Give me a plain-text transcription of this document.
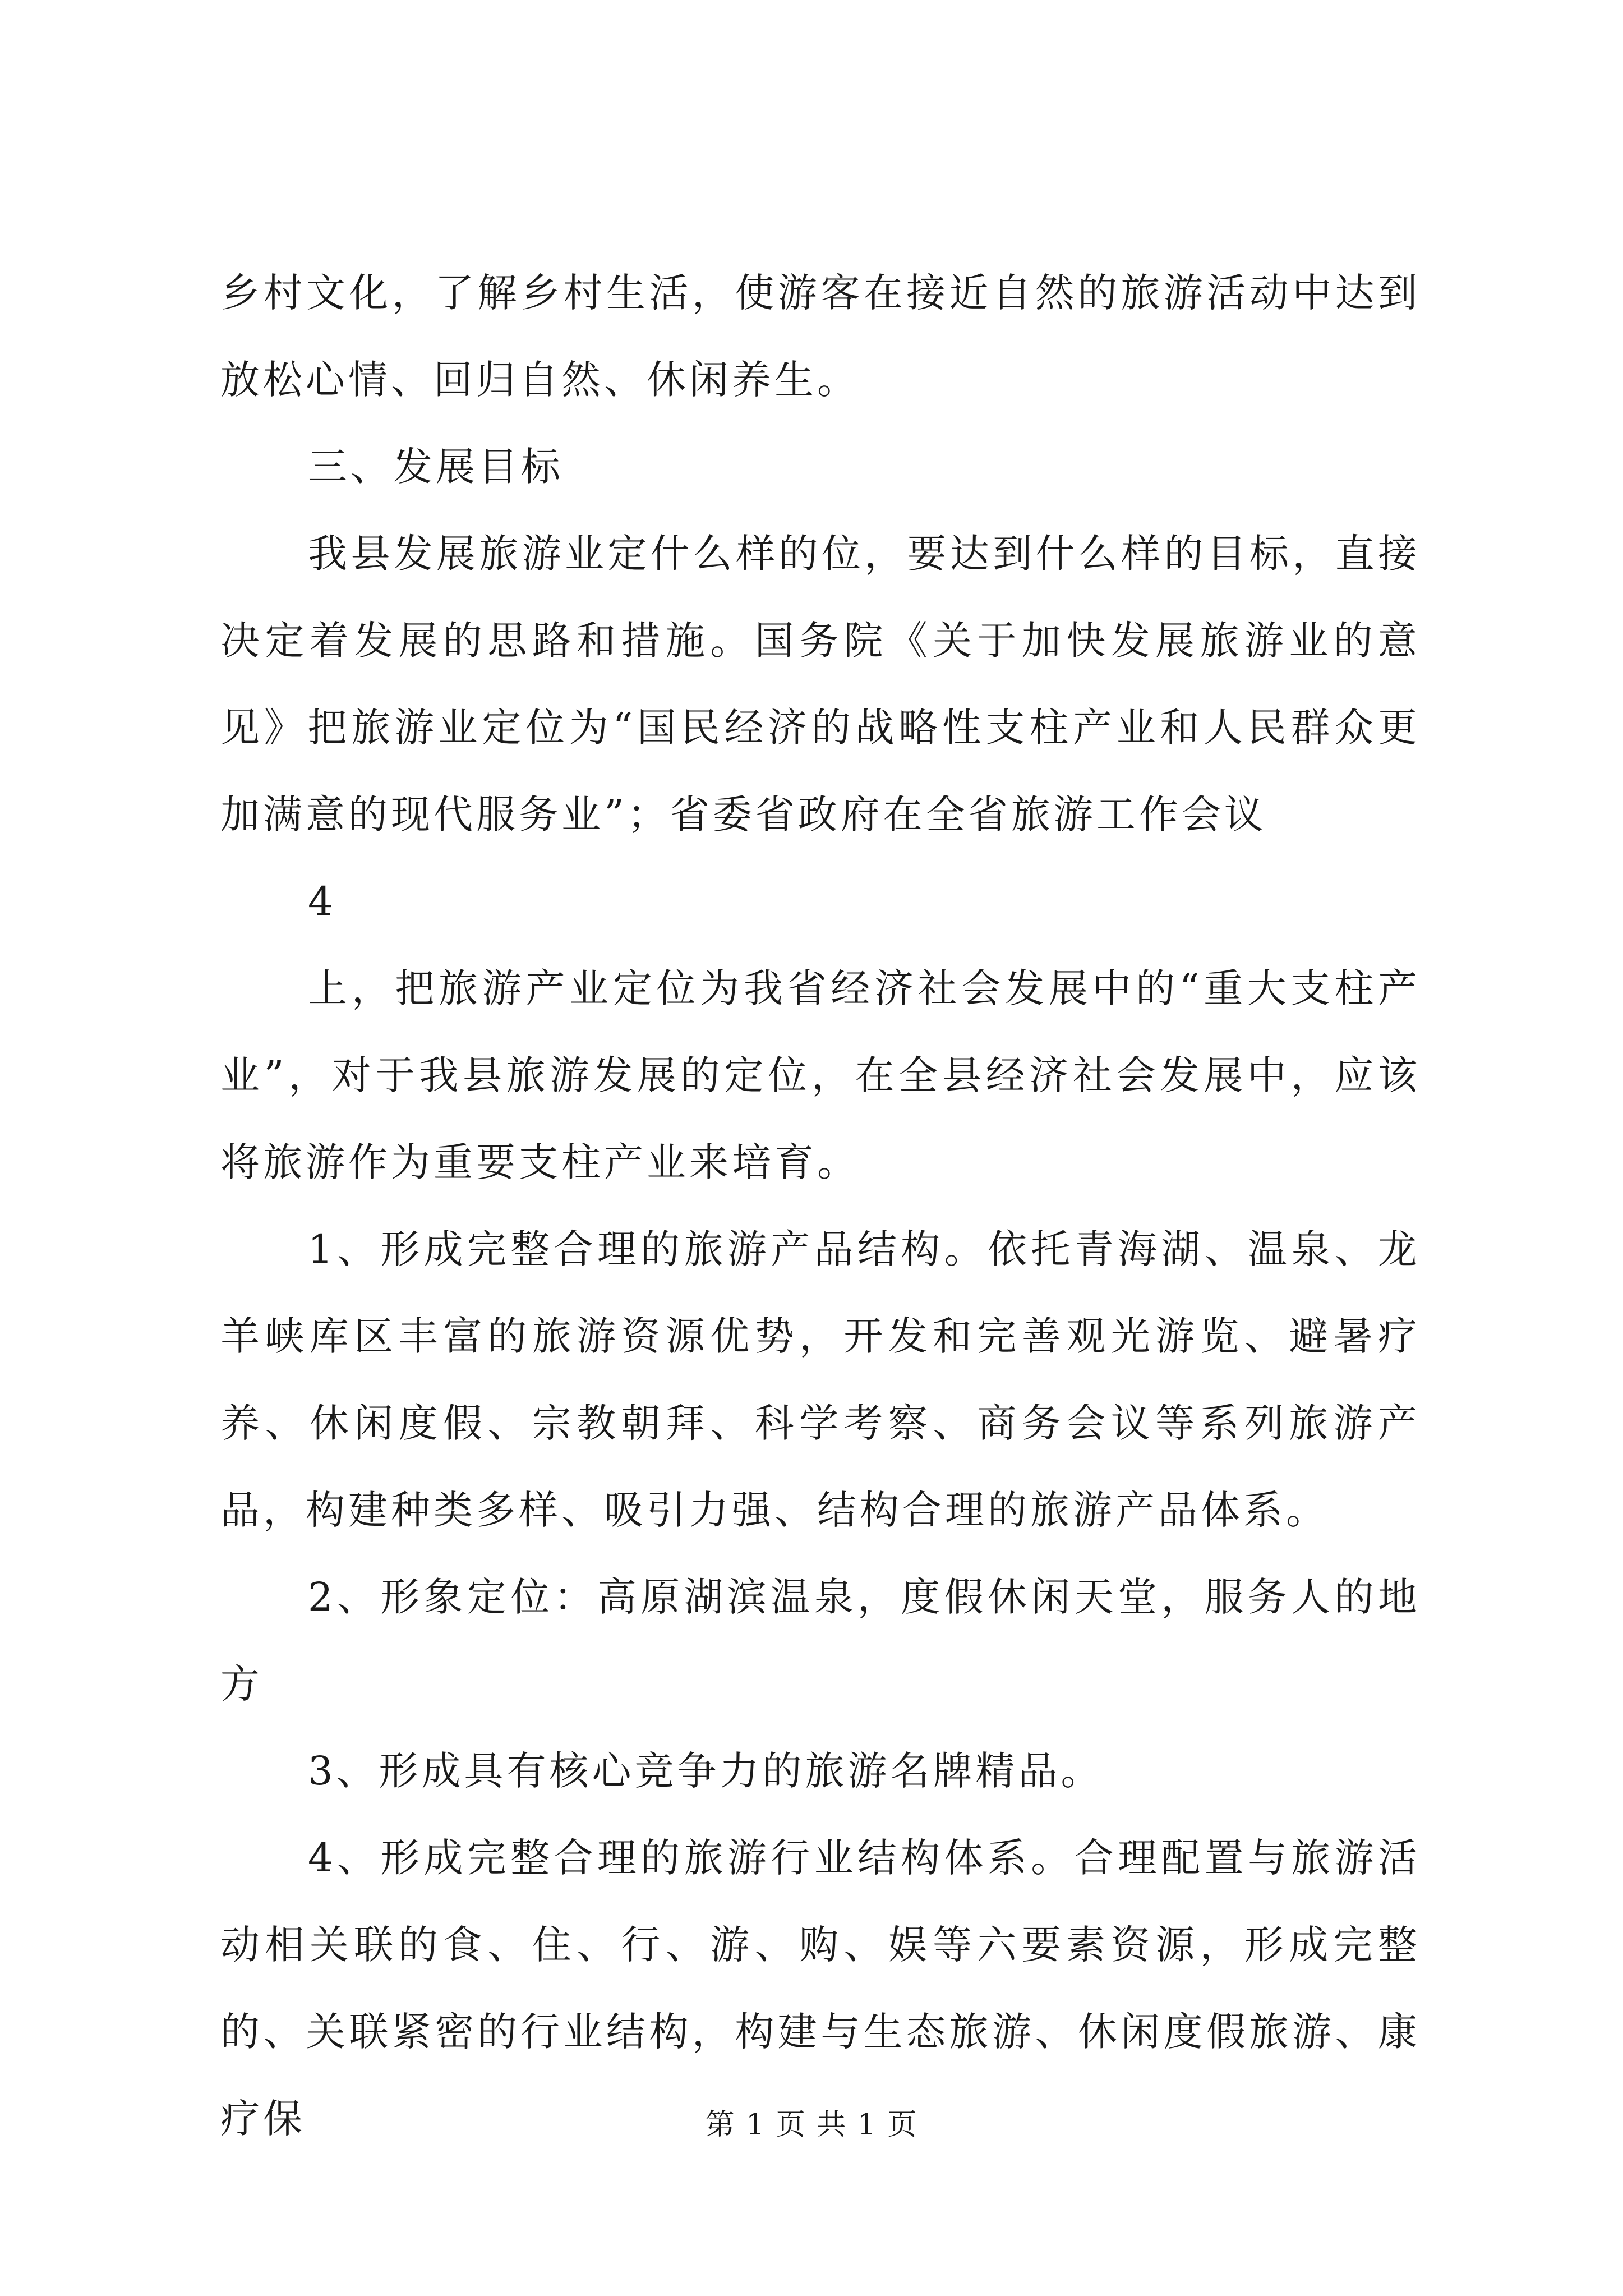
乡村文化，了解乡村生活，使游客在接近自然的旅游活动中达到放松心情、回归自然、休闲养生。

三、发展目标

我县发展旅游业定什么样的位，要达到什么样的目标，直接决定着发展的思路和措施。国务院《关于加快发展旅游业的意见》把旅游业定位为“国民经济的战略性支柱产业和人民群众更加满意的现代服务业”；省委省政府在全省旅游工作会议

4

上，把旅游产业定位为我省经济社会发展中的“重大支柱产业”，对于我县旅游发展的定位，在全县经济社会发展中，应该将旅游作为重要支柱产业来培育。

1、形成完整合理的旅游产品结构。依托青海湖、温泉、龙羊峡库区丰富的旅游资源优势，开发和完善观光游览、避暑疗养、休闲度假、宗教朝拜、科学考察、商务会议等系列旅游产品，构建种类多样、吸引力强、结构合理的旅游产品体系。

2、形象定位：高原湖滨温泉，度假休闲天堂，服务人的地方

3、形成具有核心竞争力的旅游名牌精品。

4、形成完整合理的旅游行业结构体系。合理配置与旅游活动相关联的食、住、行、游、购、娱等六要素资源，形成完整的、关联紧密的行业结构，构建与生态旅游、休闲度假旅游、康疗保	第 1 页 共 1 页
